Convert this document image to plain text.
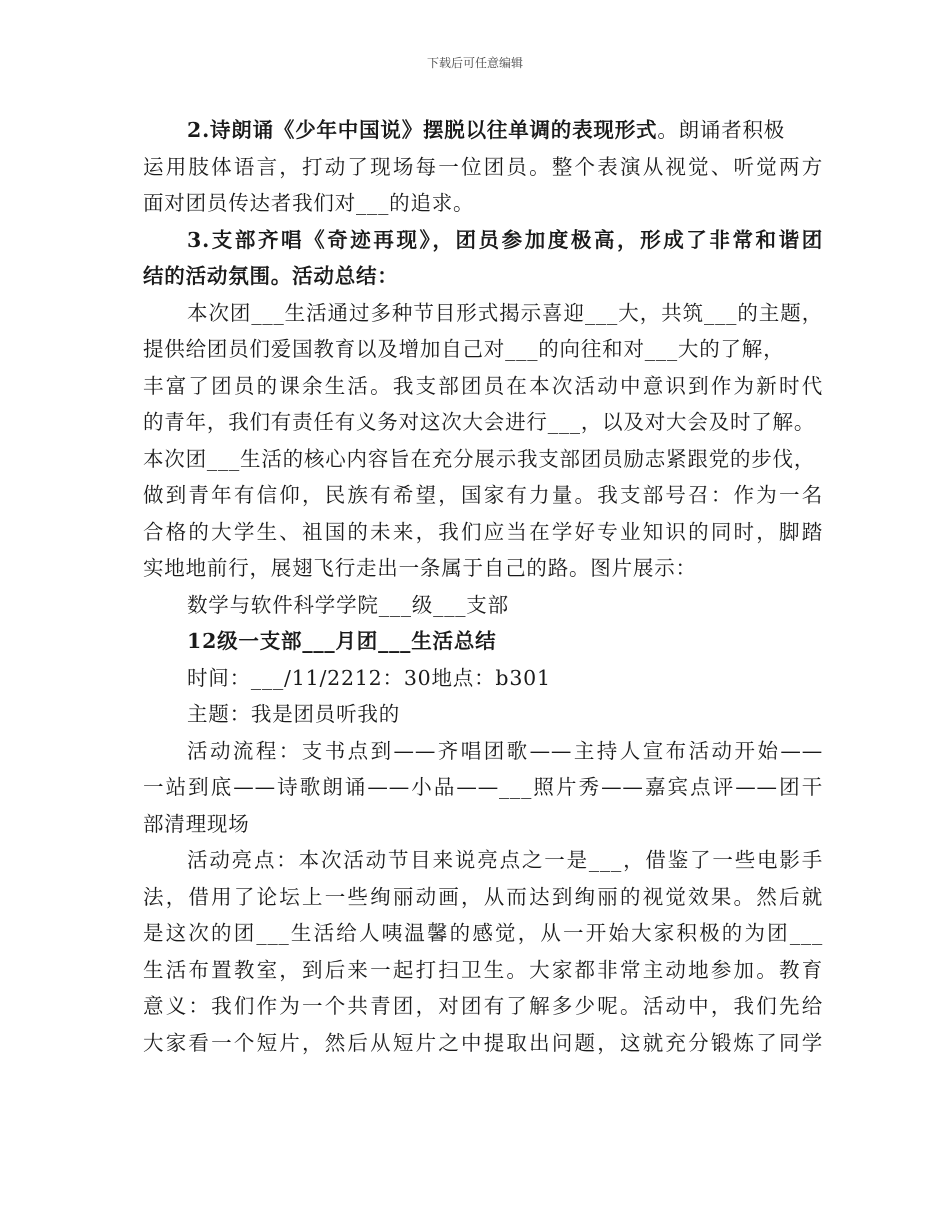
下载后可任意编辑
2.诗朗诵《少年中国说》摆脱以往单调的表现形式。朗诵者积极
运用肢体语言，打动了现场每一位团员。整个表演从视觉、听觉两方
面对团员传达者我们对___的追求。
3.支部齐唱《奇迹再现》，团员参加度极高，形成了非常和谐团
结的活动氛围。活动总结：
本次团___生活通过多种节目形式揭示喜迎___大，共筑___的主题，
提供给团员们爱国教育以及增加自己对___的向往和对___大的了解，
丰富了团员的课余生活。我支部团员在本次活动中意识到作为新时代
的青年，我们有责任有义务对这次大会进行___，以及对大会及时了解。
本次团___生活的核心内容旨在充分展示我支部团员励志紧跟党的步伐，
做到青年有信仰，民族有希望，国家有力量。我支部号召：作为一名
合格的大学生、祖国的未来，我们应当在学好专业知识的同时，脚踏
实地地前行，展翅飞行走出一条属于自己的路。图片展示：
数学与软件科学学院___级___支部
12级一支部___月团___生活总结
时间：___/11/2212：30地点：b301
主题：我是团员听我的
活动流程：支书点到——齐唱团歌——主持人宣布活动开始——
一站到底——诗歌朗诵——小品——___照片秀——嘉宾点评——团干
部清理现场
活动亮点：本次活动节目来说亮点之一是___，借鉴了一些电影手
法，借用了论坛上一些绚丽动画，从而达到绚丽的视觉效果。然后就
是这次的团___生活给人咦温馨的感觉，从一开始大家积极的为团___
生活布置教室，到后来一起打扫卫生。大家都非常主动地参加。教育
意义：我们作为一个共青团，对团有了解多少呢。活动中，我们先给
大家看一个短片，然后从短片之中提取出问题，这就充分锻炼了同学
